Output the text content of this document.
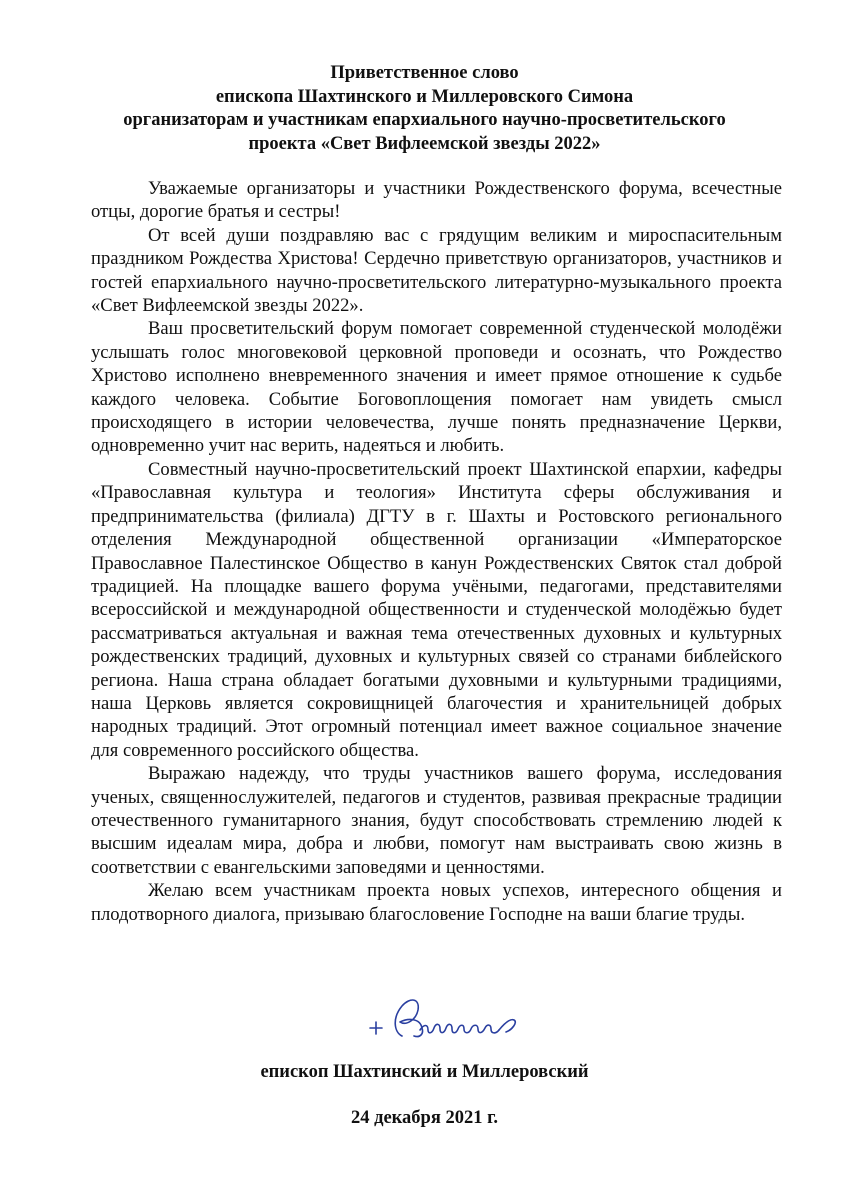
Приветственное слово
епископа Шахтинского и Миллеровского Симона
организаторам и участникам епархиального научно-просветительского
проекта «Свет Вифлеемской звезды 2022»

Уважаемые организаторы и участники Рождественского форума, всечестные отцы, дорогие братья и сестры!

От всей души поздравляю вас с грядущим великим и мироспасительным праздником Рождества Христова! Сердечно приветствую организаторов, участников и гостей епархиального научно-просветительского литературно-музыкального проекта «Свет Вифлеемской звезды 2022».

Ваш просветительский форум помогает современной студенческой молодёжи услышать голос многовековой церковной проповеди и осознать, что Рождество Христово исполнено вневременного значения и имеет прямое отношение к судьбе каждого человека. Событие Боговоплощения помогает нам увидеть смысл происходящего в истории человечества, лучше понять предназначение Церкви, одновременно учит нас верить, надеяться и любить.

Совместный научно-просветительский проект Шахтинской епархии, кафедры «Православная культура и теология» Института сферы обслуживания и предпринимательства (филиала) ДГТУ в г. Шахты и Ростовского регионального отделения Международной общественной организации «Императорское Православное Палестинское Общество в канун Рождественских Святок стал доброй традицией. На площадке вашего форума учёными, педагогами, представителями всероссийской и международной общественности и студенческой молодёжью будет рассматриваться актуальная и важная тема отечественных духовных и культурных рождественских традиций, духовных и культурных связей со странами библейского региона. Наша страна обладает богатыми духовными и культурными традициями, наша Церковь является сокровищницей благочестия и хранительницей добрых народных традиций. Этот огромный потенциал имеет важное социальное значение для современного российского общества.

Выражаю надежду, что труды участников вашего форума, исследования ученых, священнослужителей, педагогов и студентов, развивая прекрасные традиции отечественного гуманитарного знания, будут способствовать стремлению людей к высшим идеалам мира, добра и любви, помогут нам выстраивать свою жизнь в соответствии с евангельскими заповедями и ценностями.

Желаю всем участникам проекта новых успехов, интересного общения и плодотворного диалога, призываю благословение Господне на ваши благие труды.

епископ Шахтинский и Миллеровский
24 декабря 2021 г.
